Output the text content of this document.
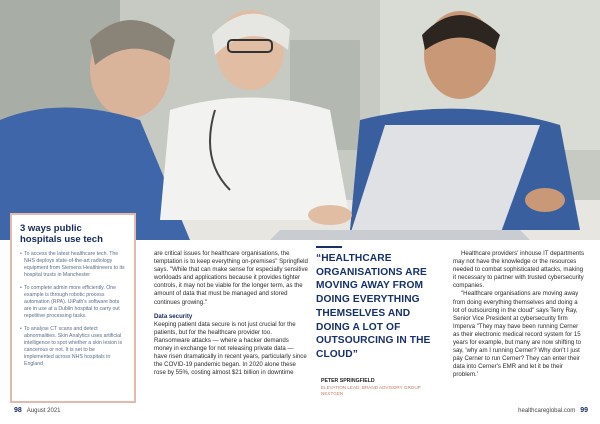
3 ways public hospitals use tech
• To access the latest healthcare tech. The NHS deploys state-of-the-art radiology equipment from Siemens Healthineers to its hospital trusts in Manchester
• To complete admin more efficiently. One example is through robotic process automation (RPA). UiPath's software bots are in use at a Dublin hospital to carry out repetitive processing tasks.
• To analyse CT scans and detect abnormalities. Skin Analytics uses artificial intelligence to spot whether a skin lesion is cancerous or not. It is set to be implemented across NHS hospitals in England

are critical issues for healthcare organisations, the temptation is to keep everything on-premises" Springfield says. "While that can make sense for especially sensitive workloads and applications because it provides tighter controls, it may not be viable for the longer term, as the amount of data that must be managed and stored continues growing."

Data security

Keeping patient data secure is not just crucial for the patients, but for the healthcare provider too. Ransomware attacks — where a hacker demands money in exchange for not releasing private data — have risen dramatically in recent years, particularly since the COVID-19 pandemic began. In 2020 alone these rose by 55%, costing almost $21 billion in downtime

“HEALTHCARE ORGANISATIONS ARE MOVING AWAY FROM DOING EVERYTHING THEMSELVES AND DOING A LOT OF OUTSOURCING IN THE CLOUD”
PETER SPRINGFIELD
ELEVATION LEAD, BRAND ADVISORY GROUP NEXTGEN

Healthcare providers' inhouse IT departments may not have the knowledge or the resources needed to combat sophisticated attacks, making it necessary to partner with trusted cybersecurity companies.

"Healthcare organisations are moving away from doing everything themselves and doing a lot of outsourcing in the cloud" says Terry Ray, Senior Vice President at cybersecurity firm Imperva "They may have been running Cerner as their electronic medical record system for 15 years for example, but many are now shifting to say, 'why am I running Cerner? Why don't I just pay Cerner to run Cerner? They can enter their data into Cerner's EMR and let it be their problem.'

98 August 2021	healthcareglobal.com 99
